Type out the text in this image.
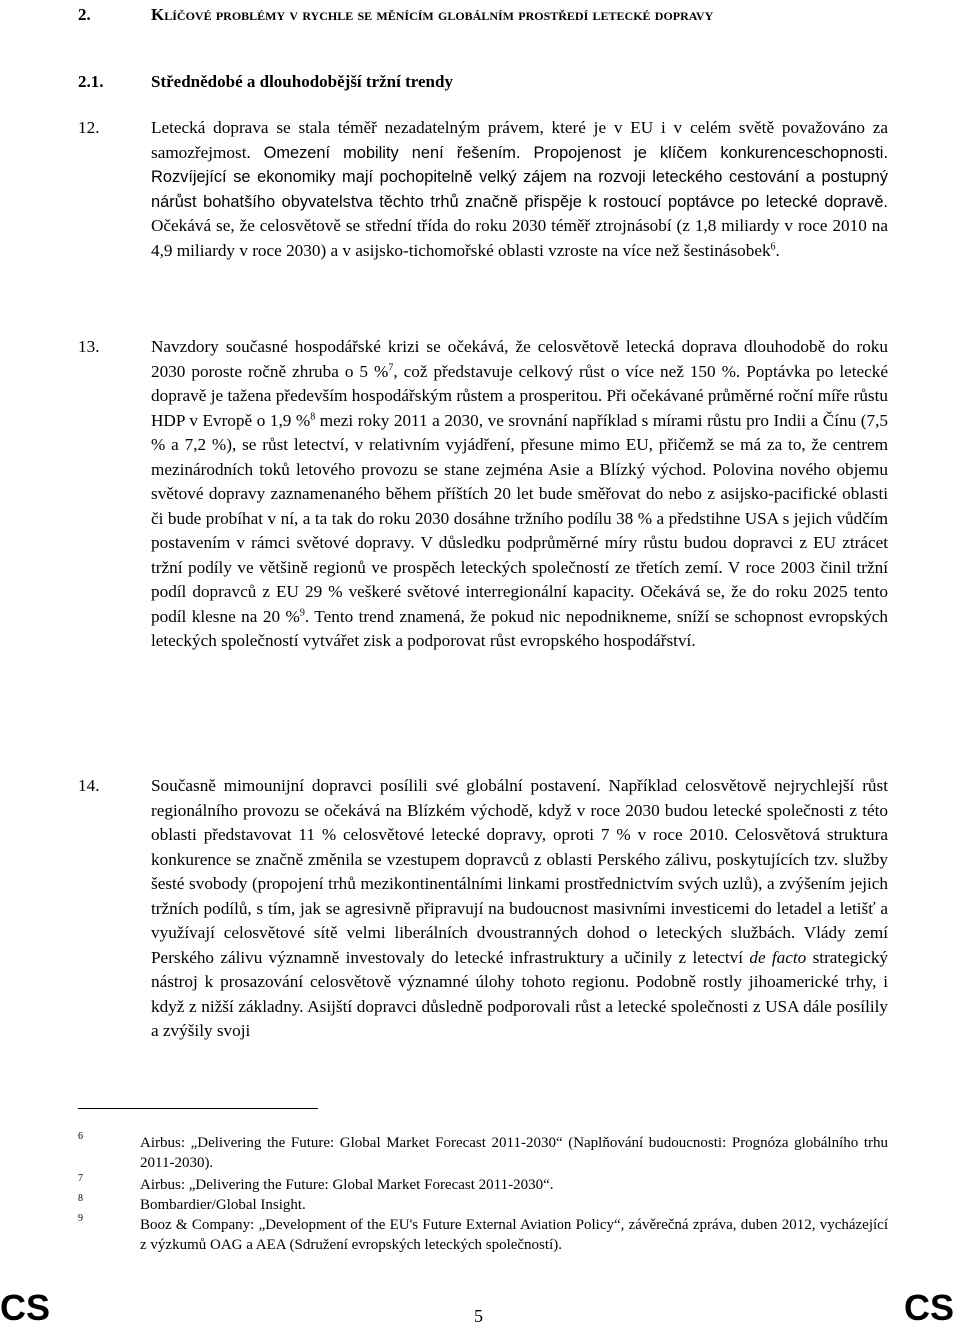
2.	Klíčové problémy v rychle se měnícím globálním prostředí letecké dopravy
2.1.	Střednědobé a dlouhodobější tržní trendy
12.	Letecká doprava se stala téměř nezadatelným právem, které je v EU i v celém světě považováno za samozřejmost. Omezení mobility není řešením. Propojenost je klíčem konkurenceschopnosti. Rozvíjející se ekonomiky mají pochopitelně velký zájem na rozvoji leteckého cestování a postupný nárůst bohatšího obyvatelstva těchto trhů značně přispěje k rostoucí poptávce po letecké dopravě. Očekává se, že celosvětově se střední třída do roku 2030 téměř ztrojnásobí (z 1,8 miliardy v roce 2010 na 4,9 miliardy v roce 2030) a v asijsko-tichomořské oblasti vzroste na více než šestinásobek$^6$.
13.	Navzdory současné hospodářské krizi se očekává, že celosvětově letecká doprava dlouhodobě do roku 2030 poroste ročně zhruba o 5 %$^7$, což představuje celkový růst o více než 150 %. Poptávka po letecké dopravě je tažena především hospodářským růstem a prosperitou. Při očekávané průměrné roční míře růstu HDP v Evropě o 1,9 %$^8$ mezi roky 2011 a 2030, ve srovnání například s mírami růstu pro Indii a Čínu (7,5 % a 7,2 %), se růst letectví, v relativním vyjádření, přesune mimo EU, přičemž se má za to, že centrem mezinárodních toků letového provozu se stane zejména Asie a Blízký východ. Polovina nového objemu světové dopravy zaznamenaného během příštích 20 let bude směřovat do nebo z asijsko-pacifické oblasti či bude probíhat v ní, a ta tak do roku 2030 dosáhne tržního podílu 38 % a předstihne USA s jejich vůdčím postavením v rámci světové dopravy. V důsledku podprůměrné míry růstu budou dopravci z EU ztrácet tržní podíly ve většině regionů ve prospěch leteckých společností ze třetích zemí. V roce 2003 činil tržní podíl dopravců z EU 29 % veškeré světové interregionální kapacity. Očekává se, že do roku 2025 tento podíl klesne na 20 %$^9$. Tento trend znamená, že pokud nic nepodnikneme, sníží se schopnost evropských leteckých společností vytvářet zisk a podporovat růst evropského hospodářství.
14.	Současně mimounijní dopravci posílili své globální postavení. Například celosvětově nejrychlejší růst regionálního provozu se očekává na Blízkém východě, když v roce 2030 budou letecké společnosti z této oblasti představovat 11 % celosvětové letecké dopravy, oproti 7 % v roce 2010. Celosvětová struktura konkurence se značně změnila se vzestupem dopravců z oblasti Perského zálivu, poskytujících tzv. služby šesté svobody (propojení trhů mezikontinentálními linkami prostřednictvím svých uzlů), a zvýšením jejich tržních podílů, s tím, jak se agresivně připravují na budoucnost masivními investicemi do letadel a letišť a využívají celosvětové sítě velmi liberálních dvoustranných dohod o leteckých službách. Vlády zemí Perského zálivu významně investovaly do letecké infrastruktury a učinily z letectví de facto strategický nástroj k prosazování celosvětově významné úlohy tohoto regionu. Podobně rostly jihoamerické trhy, i když z nižší základny. Asijští dopravci důsledně podporovali růst a letecké společnosti z USA dále posílily a zvýšily svoji
6	Airbus: „Delivering the Future: Global Market Forecast 2011-2030“ (Naplňování budoucnosti: Prognóza globálního trhu 2011-2030).
7	Airbus: „Delivering the Future: Global Market Forecast 2011-2030“.
8	Bombardier/Global Insight.
9	Booz & Company: „Development of the EU's Future External Aviation Policy“, závěrečná zpráva, duben 2012, vycházející z výzkumů OAG a AEA (Sdružení evropských leteckých společností).
CS	5	CS
